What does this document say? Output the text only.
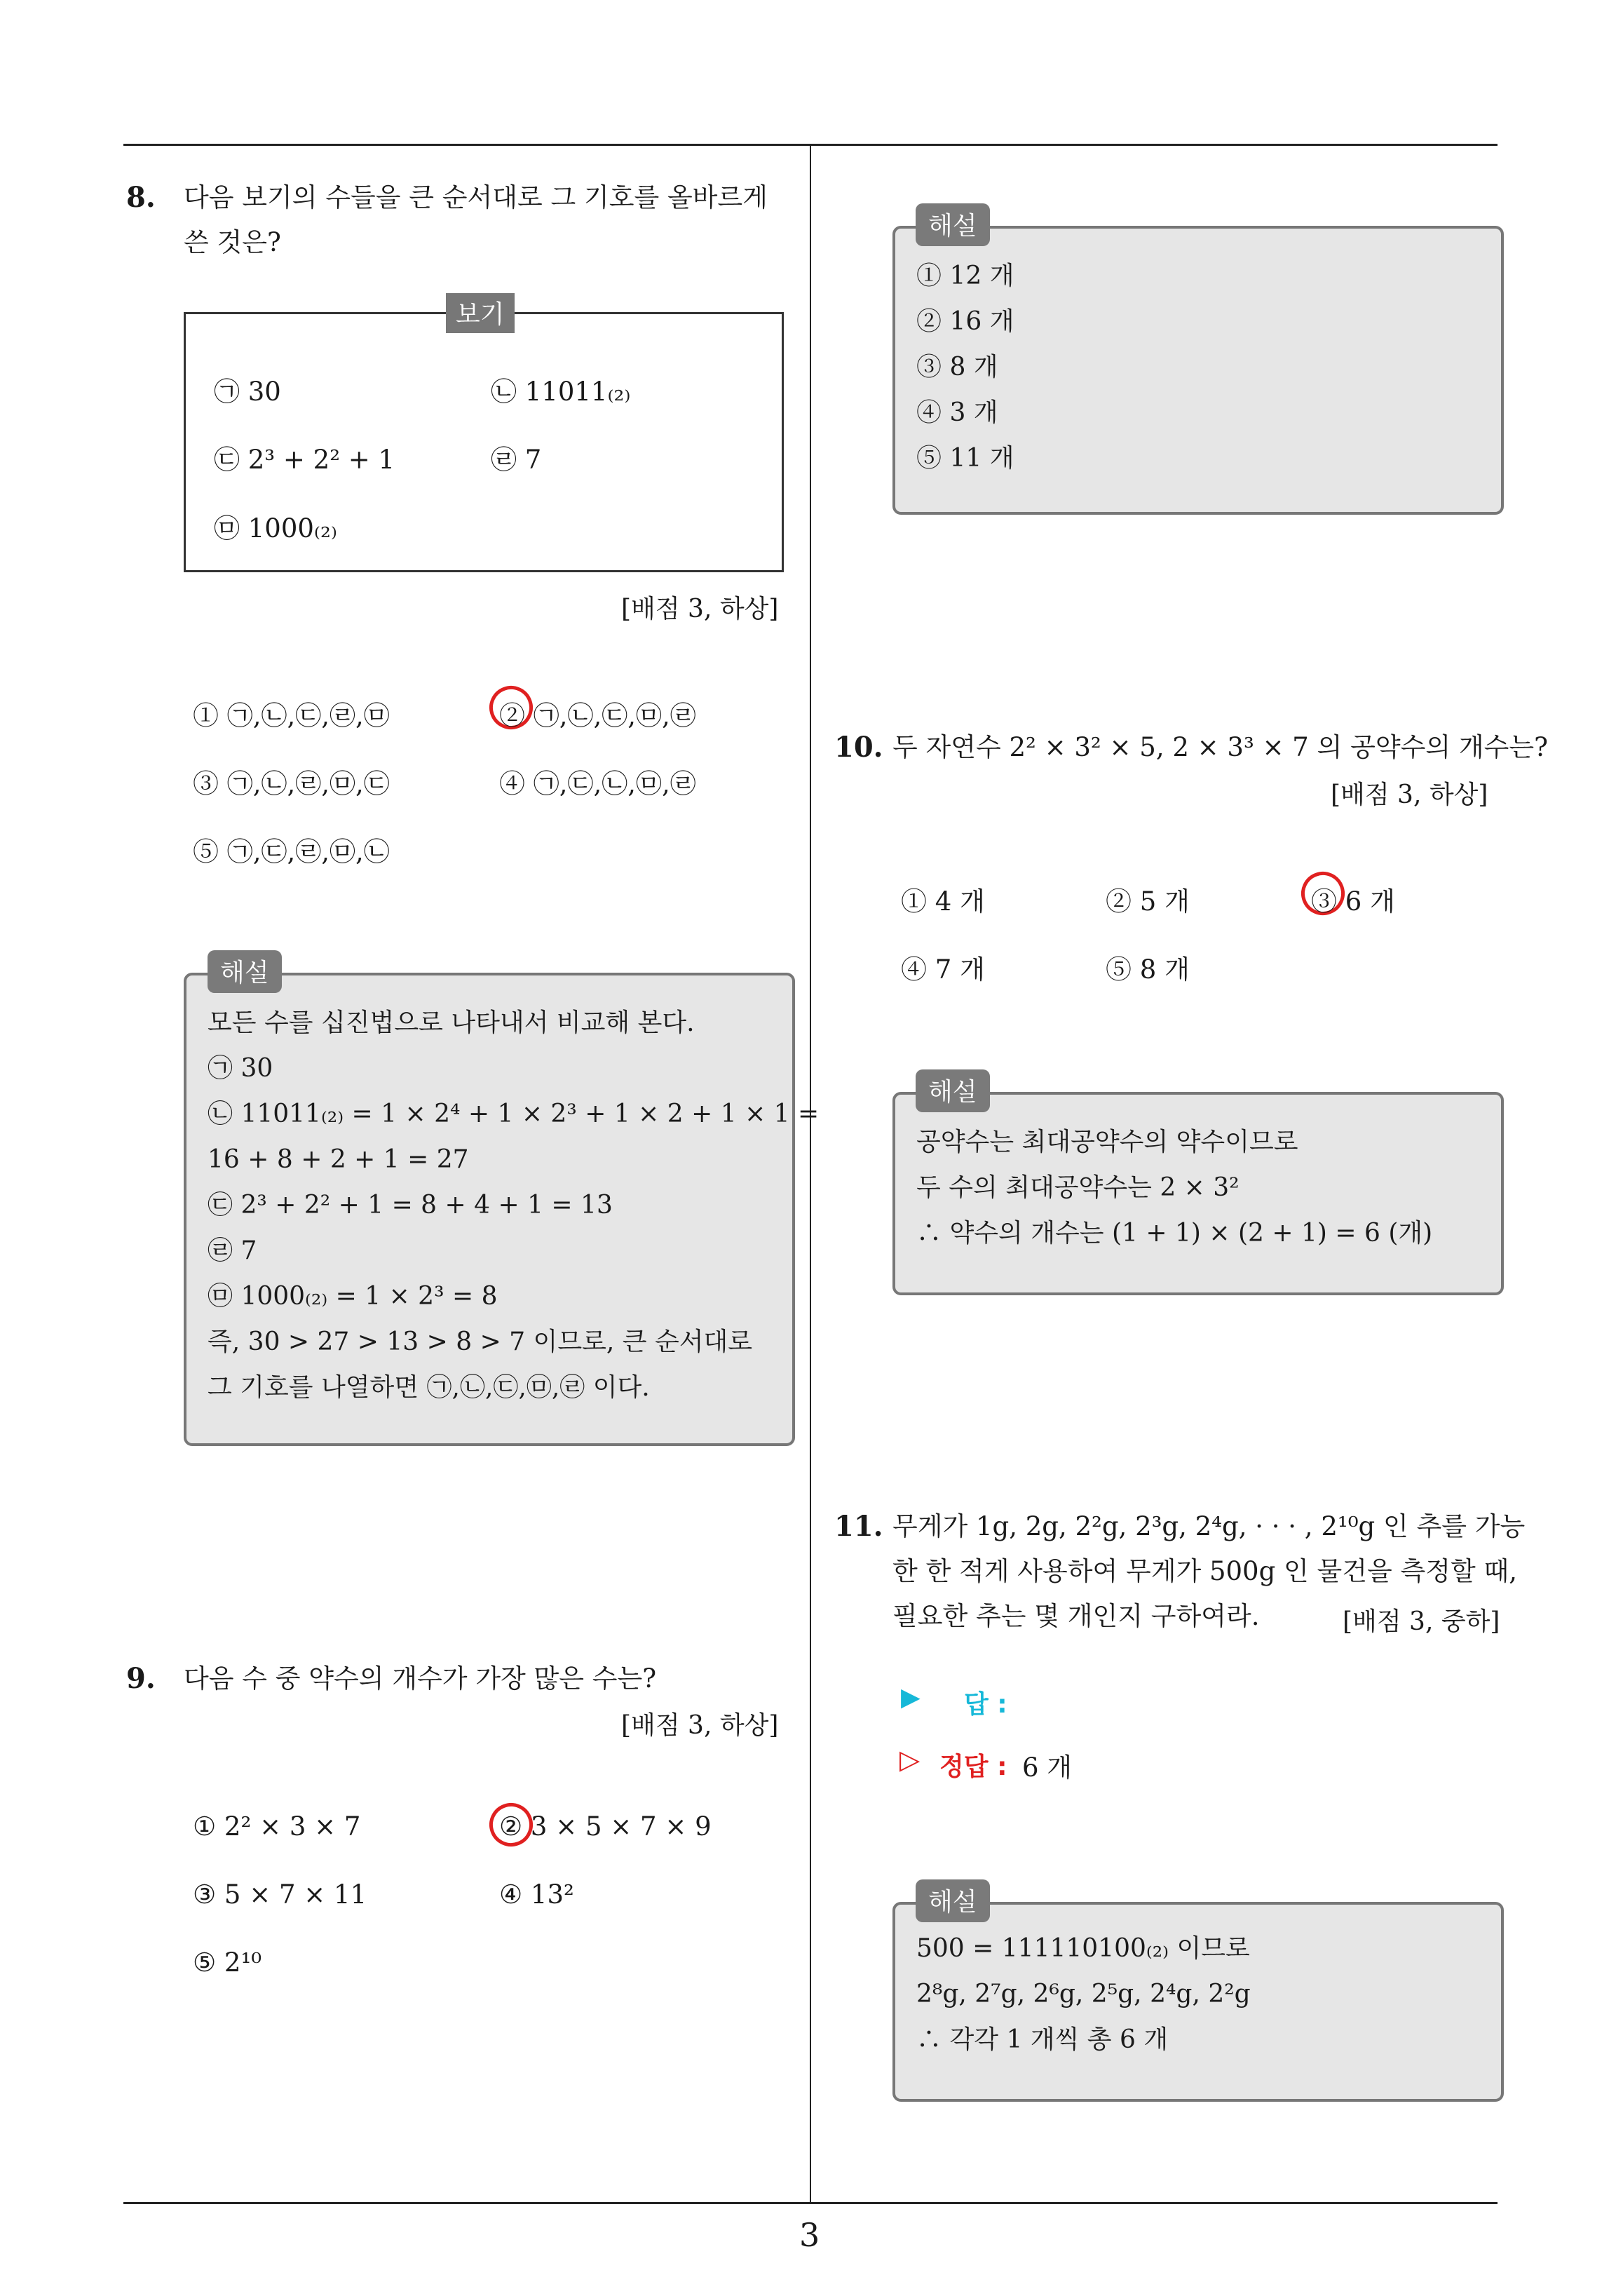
3
8. 다음 보기의 수들을 큰 순서대로 그 기호를 올바르게
쓴 것은?
보기
㉠ 30	㉡ 11011₍₂₎
㉢ 2³ + 2² + 1	㉣ 7
㉤ 1000₍₂₎
[배점 3, 하상]
① ㉠,㉡,㉢,㉣,㉤	② ㉠,㉡,㉢,㉤,㉣
③ ㉠,㉡,㉣,㉤,㉢	④ ㉠,㉢,㉡,㉤,㉣
⑤ ㉠,㉢,㉣,㉤,㉡
모든 수를 십진법으로 나타내서 비교해 본다.
㉠ 30
㉡ 11011₍₂₎ = 1 × 2⁴ + 1 × 2³ + 1 × 2 + 1 × 1 =
16 + 8 + 2 + 1 = 27
㉢ 2³ + 2² + 1 = 8 + 4 + 1 = 13
㉣ 7
㉤ 1000₍₂₎ = 1 × 2³ = 8
즉, 30 > 27 > 13 > 8 > 7 이므로, 큰 순서대로
그 기호를 나열하면 ㉠,㉡,㉢,㉤,㉣ 이다.
해설
9. 다음 수 중 약수의 개수가 가장 많은 수는?
[배점 3, 하상]
① 2² × 3 × 7	② 3 × 5 × 7 × 9
③ 5 × 7 × 11	④ 13²
⑤ 2¹⁰
① 12 개
② 16 개
③ 8 개
④ 3 개
⑤ 11 개
해설
10. 두 자연수 2² × 3² × 5, 2 × 3³ × 7 의 공약수의 개수는?
[배점 3, 하상]
① 4 개	② 5 개	③ 6 개
④ 7 개	⑤ 8 개
공약수는 최대공약수의 약수이므로
두 수의 최대공약수는 2 × 3²
∴ 약수의 개수는 (1 + 1) × (2 + 1) = 6 (개)
해설
11. 무게가 1g, 2g, 2²g, 2³g, 2⁴g, · · · , 2¹⁰g 인 추를 가능
한 한 적게 사용하여 무게가 500g 인 물건을 측정할 때,
필요한 추는 몇 개인지 구하여라.	[배점 3, 중하]
▶ 답 :
▷ 정답 : 6 개
500 = 111110100₍₂₎ 이므로
2⁸g, 2⁷g, 2⁶g, 2⁵g, 2⁴g, 2²g
∴ 각각 1 개씩 총 6 개
해설
